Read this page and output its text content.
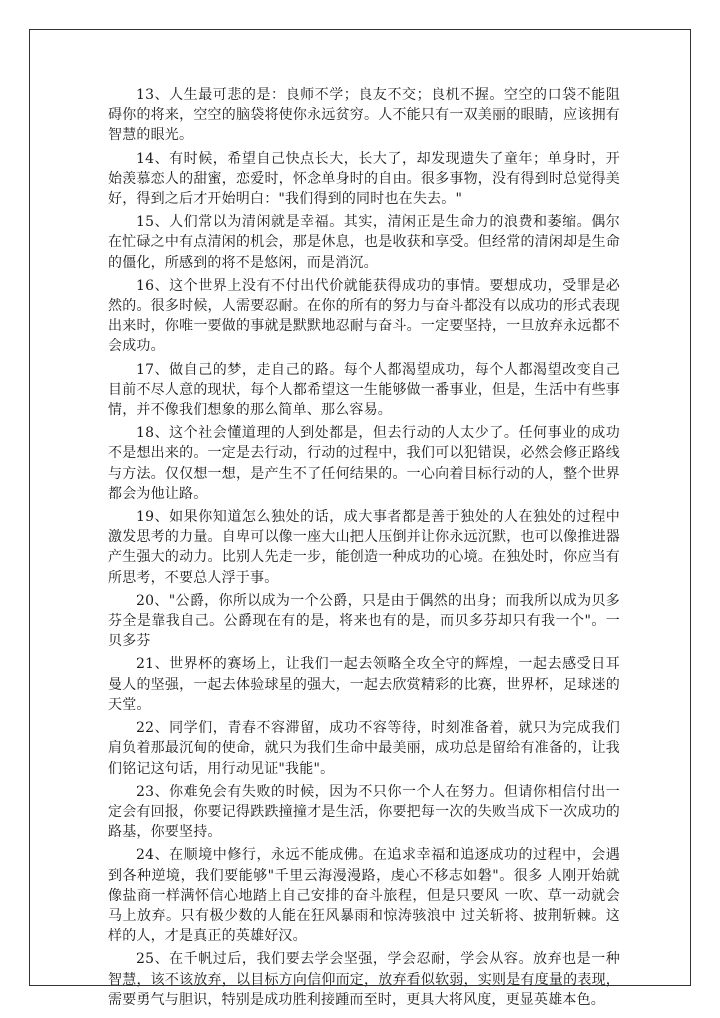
13、人生最可悲的是：良师不学；良友不交；良机不握。空空的口袋不能阻碍你的将来，空空的脑袋将使你永远贫穷。人不能只有一双美丽的眼睛，应该拥有智慧的眼光。

14、有时候，希望自己快点长大，长大了，却发现遗失了童年；单身时，开始羡慕恋人的甜蜜，恋爱时，怀念单身时的自由。很多事物，没有得到时总觉得美好，得到之后才开始明白："我们得到的同时也在失去。"

15、人们常以为清闲就是幸福。其实，清闲正是生命力的浪费和萎缩。偶尔在忙碌之中有点清闲的机会，那是休息，也是收获和享受。但经常的清闲却是生命的僵化，所感到的将不是悠闲，而是消沉。

16、这个世界上没有不付出代价就能获得成功的事情。要想成功，受罪是必然的。很多时候，人需要忍耐。在你的所有的努力与奋斗都没有以成功的形式表现出来时，你唯一要做的事就是默默地忍耐与奋斗。一定要坚持，一旦放弃永远都不会成功。

17、做自己的梦，走自己的路。每个人都渴望成功，每个人都渴望改变自己目前不尽人意的现状，每个人都希望这一生能够做一番事业，但是，生活中有些事情，并不像我们想象的那么简单、那么容易。

18、这个社会懂道理的人到处都是，但去行动的人太少了。任何事业的成功不是想出来的。一定是去行动，行动的过程中，我们可以犯错误，必然会修正路线与方法。仅仅想一想，是产生不了任何结果的。一心向着目标行动的人，整个世界都会为他让路。

19、如果你知道怎么独处的话，成大事者都是善于独处的人在独处的过程中激发思考的力量。自卑可以像一座大山把人压倒并让你永远沉默，也可以像推进器产生强大的动力。比别人先走一步，能创造一种成功的心境。在独处时，你应当有所思考，不要总人浮于事。

20、"公爵，你所以成为一个公爵，只是由于偶然的出身；而我所以成为贝多芬全是靠我自己。公爵现在有的是，将来也有的是，而贝多芬却只有我一个"。一贝多芬

21、世界杯的赛场上，让我们一起去领略全攻全守的辉煌，一起去感受日耳曼人的坚强，一起去体验球星的强大，一起去欣赏精彩的比赛，世界杯，足球迷的天堂。

22、同学们，青春不容滞留，成功不容等待，时刻准备着，就只为完成我们肩负着那最沉甸的使命，就只为我们生命中最美丽，成功总是留给有准备的，让我们铭记这句话，用行动见证"我能"。

23、你难免会有失败的时候，因为不只你一个人在努力。但请你相信付出一定会有回报，你要记得跌跌撞撞才是生活，你要把每一次的失败当成下一次成功的路基，你要坚持。

24、在顺境中修行，永远不能成佛。在追求幸福和追逐成功的过程中，会遇到各种逆境，我们要能够"千里云海漫漫路，虔心不移志如磐"。很多 人刚开始就像盐商一样满怀信心地踏上自己安排的奋斗旅程，但是只要风 一吹、草一动就会马上放弃。只有极少数的人能在狂风暴雨和惊涛骇浪中 过关斩将、披荆斩棘。这样的人，才是真正的英雄好汉。

25、在千帆过后，我们要去学会坚强，学会忍耐，学会从容。放弃也是一种智慧，该不该放弃，以目标方向信仰而定，放弃看似软弱，实则是有度量的表现，需要勇气与胆识，特别是成功胜利接踵而至时，更具大将风度，更显英雄本色。
